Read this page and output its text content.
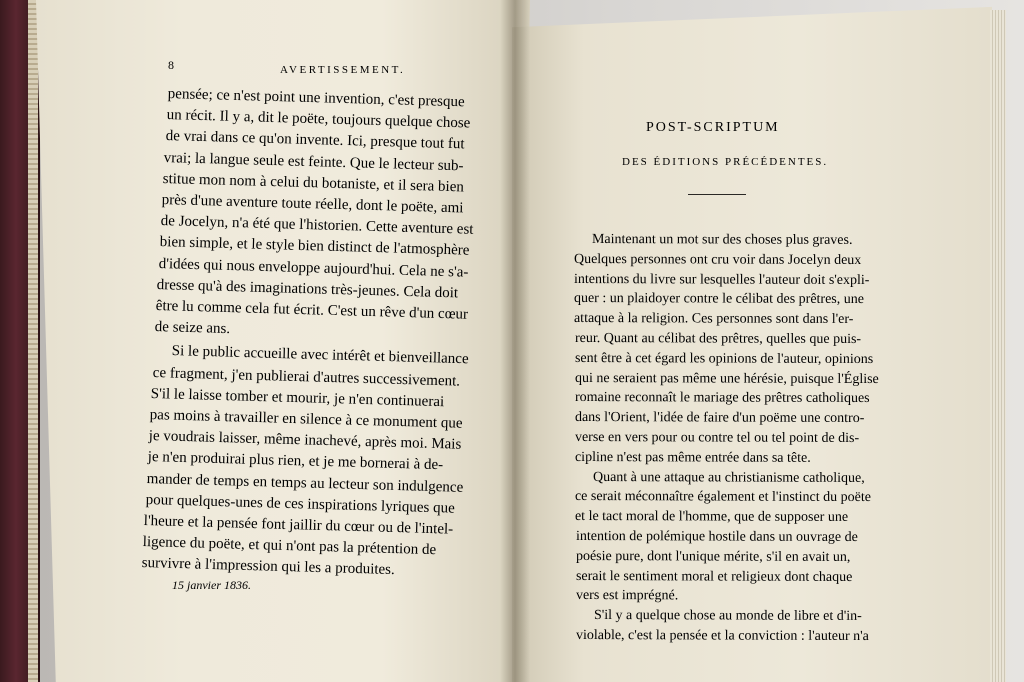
8	AVERTISSEMENT.
pensée; ce n'est point une invention, c'est presque
un récit. Il y a, dit le poëte, toujours quelque chose
de vrai dans ce qu'on invente. Ici, presque tout fut
vrai; la langue seule est feinte. Que le lecteur sub-
stitue mon nom à celui du botaniste, et il sera bien
près d'une aventure toute réelle, dont le poëte, ami
de Jocelyn, n'a été que l'historien. Cette aventure est
bien simple, et le style bien distinct de l'atmosphère
d'idées qui nous enveloppe aujourd'hui. Cela ne s'a-
dresse qu'à des imaginations très-jeunes. Cela doit
être lu comme cela fut écrit. C'est un rêve d'un cœur
de seize ans.
Si le public accueille avec intérêt et bienveillance
ce fragment, j'en publierai d'autres successivement.
S'il le laisse tomber et mourir, je n'en continuerai
pas moins à travailler en silence à ce monument que
je voudrais laisser, même inachevé, après moi. Mais
je n'en produirai plus rien, et je me bornerai à de-
mander de temps en temps au lecteur son indulgence
pour quelques-unes de ces inspirations lyriques que
l'heure et la pensée font jaillir du cœur ou de l'intel-
ligence du poëte, et qui n'ont pas la prétention de
survivre à l'impression qui les a produites.
15 janvier 1836.
POST-SCRIPTUM
DES ÉDITIONS PRÉCÉDENTES.
Maintenant un mot sur des choses plus graves.
Quelques personnes ont cru voir dans Jocelyn deux
intentions du livre sur lesquelles l'auteur doit s'expli-
quer : un plaidoyer contre le célibat des prêtres, une
attaque à la religion. Ces personnes sont dans l'er-
reur. Quant au célibat des prêtres, quelles que puis-
sent être à cet égard les opinions de l'auteur, opinions
qui ne seraient pas même une hérésie, puisque l'Église
romaine reconnaît le mariage des prêtres catholiques
dans l'Orient, l'idée de faire d'un poëme une contro-
verse en vers pour ou contre tel ou tel point de dis-
cipline n'est pas même entrée dans sa tête.
Quant à une attaque au christianisme catholique,
ce serait méconnaître également et l'instinct du poëte
et le tact moral de l'homme, que de supposer une
intention de polémique hostile dans un ouvrage de
poésie pure, dont l'unique mérite, s'il en avait un,
serait le sentiment moral et religieux dont chaque
vers est imprégné.
S'il y a quelque chose au monde de libre et d'in-
violable, c'est la pensée et la conviction : l'auteur n'a
